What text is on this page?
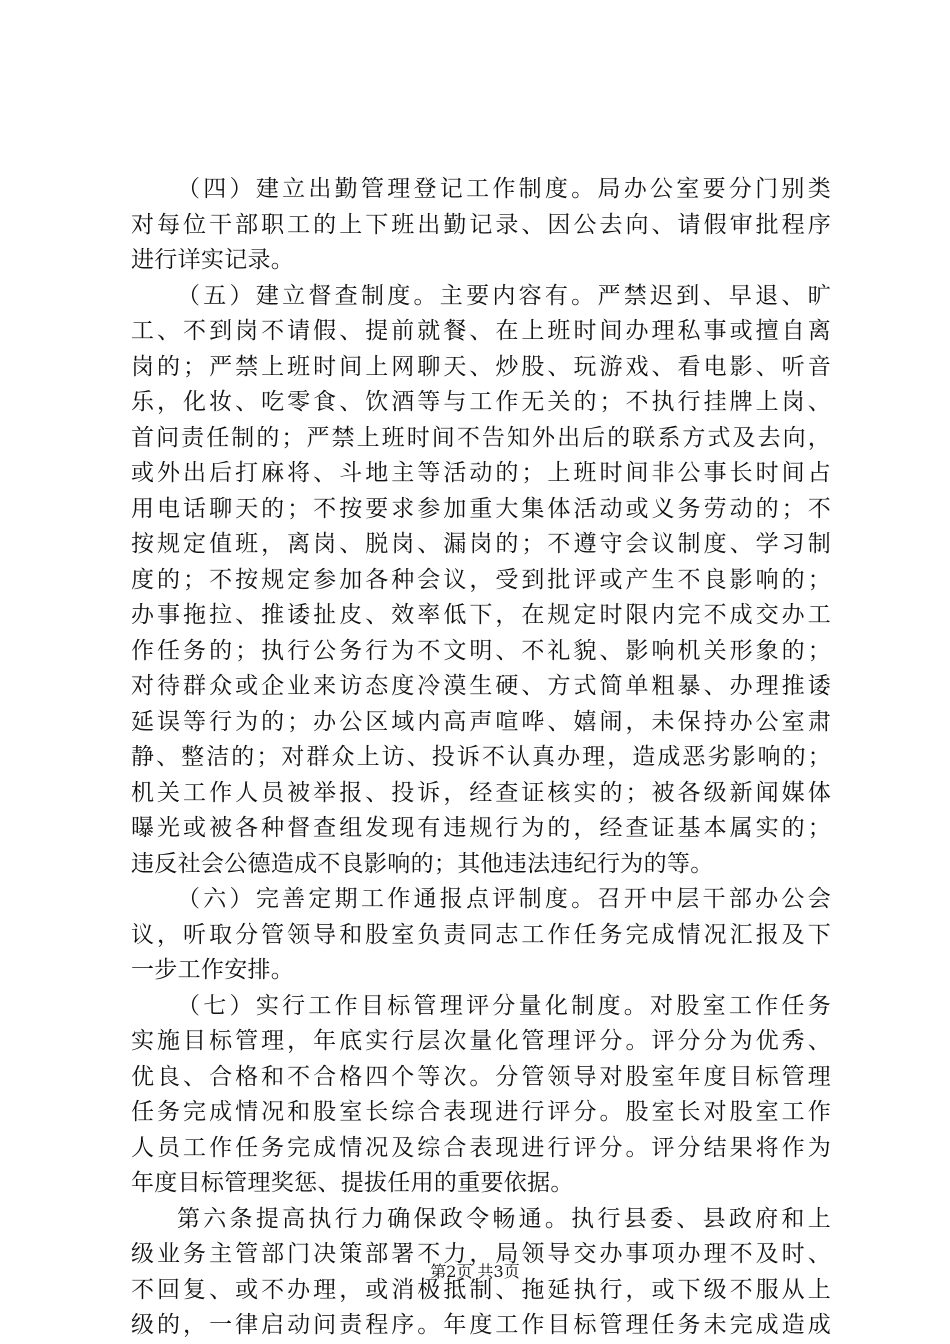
（四）建立出勤管理登记工作制度。局办公室要分门别类
对每位干部职工的上下班出勤记录、因公去向、请假审批程序
进行详实记录。
（五）建立督查制度。主要内容有。严禁迟到、早退、旷
工、不到岗不请假、提前就餐、在上班时间办理私事或擅自离
岗的；严禁上班时间上网聊天、炒股、玩游戏、看电影、听音
乐，化妆、吃零食、饮酒等与工作无关的；不执行挂牌上岗、
首问责任制的；严禁上班时间不告知外出后的联系方式及去向，
或外出后打麻将、斗地主等活动的；上班时间非公事长时间占
用电话聊天的；不按要求参加重大集体活动或义务劳动的；不
按规定值班，离岗、脱岗、漏岗的；不遵守会议制度、学习制
度的；不按规定参加各种会议，受到批评或产生不良影响的；
办事拖拉、推诿扯皮、效率低下，在规定时限内完不成交办工
作任务的；执行公务行为不文明、不礼貌、影响机关形象的；
对待群众或企业来访态度冷漠生硬、方式简单粗暴、办理推诿
延误等行为的；办公区域内高声喧哗、嬉闹，未保持办公室肃
静、整洁的；对群众上访、投诉不认真办理，造成恶劣影响的；
机关工作人员被举报、投诉，经查证核实的；被各级新闻媒体
曝光或被各种督查组发现有违规行为的，经查证基本属实的；
违反社会公德造成不良影响的；其他违法违纪行为的等。
（六）完善定期工作通报点评制度。召开中层干部办公会
议，听取分管领导和股室负责同志工作任务完成情况汇报及下
一步工作安排。
（七）实行工作目标管理评分量化制度。对股室工作任务
实施目标管理，年底实行层次量化管理评分。评分分为优秀、
优良、合格和不合格四个等次。分管领导对股室年度目标管理
任务完成情况和股室长综合表现进行评分。股室长对股室工作
人员工作任务完成情况及综合表现进行评分。评分结果将作为
年度目标管理奖惩、提拔任用的重要依据。
第六条提高执行力确保政令畅通。执行县委、县政府和上
级业务主管部门决策部署不力，局领导交办事项办理不及时、
不回复、或不办理，或消极抵制、拖延执行，或下级不服从上
级的，一律启动问责程序。年度工作目标管理任务未完成造成
第2页 共3页
